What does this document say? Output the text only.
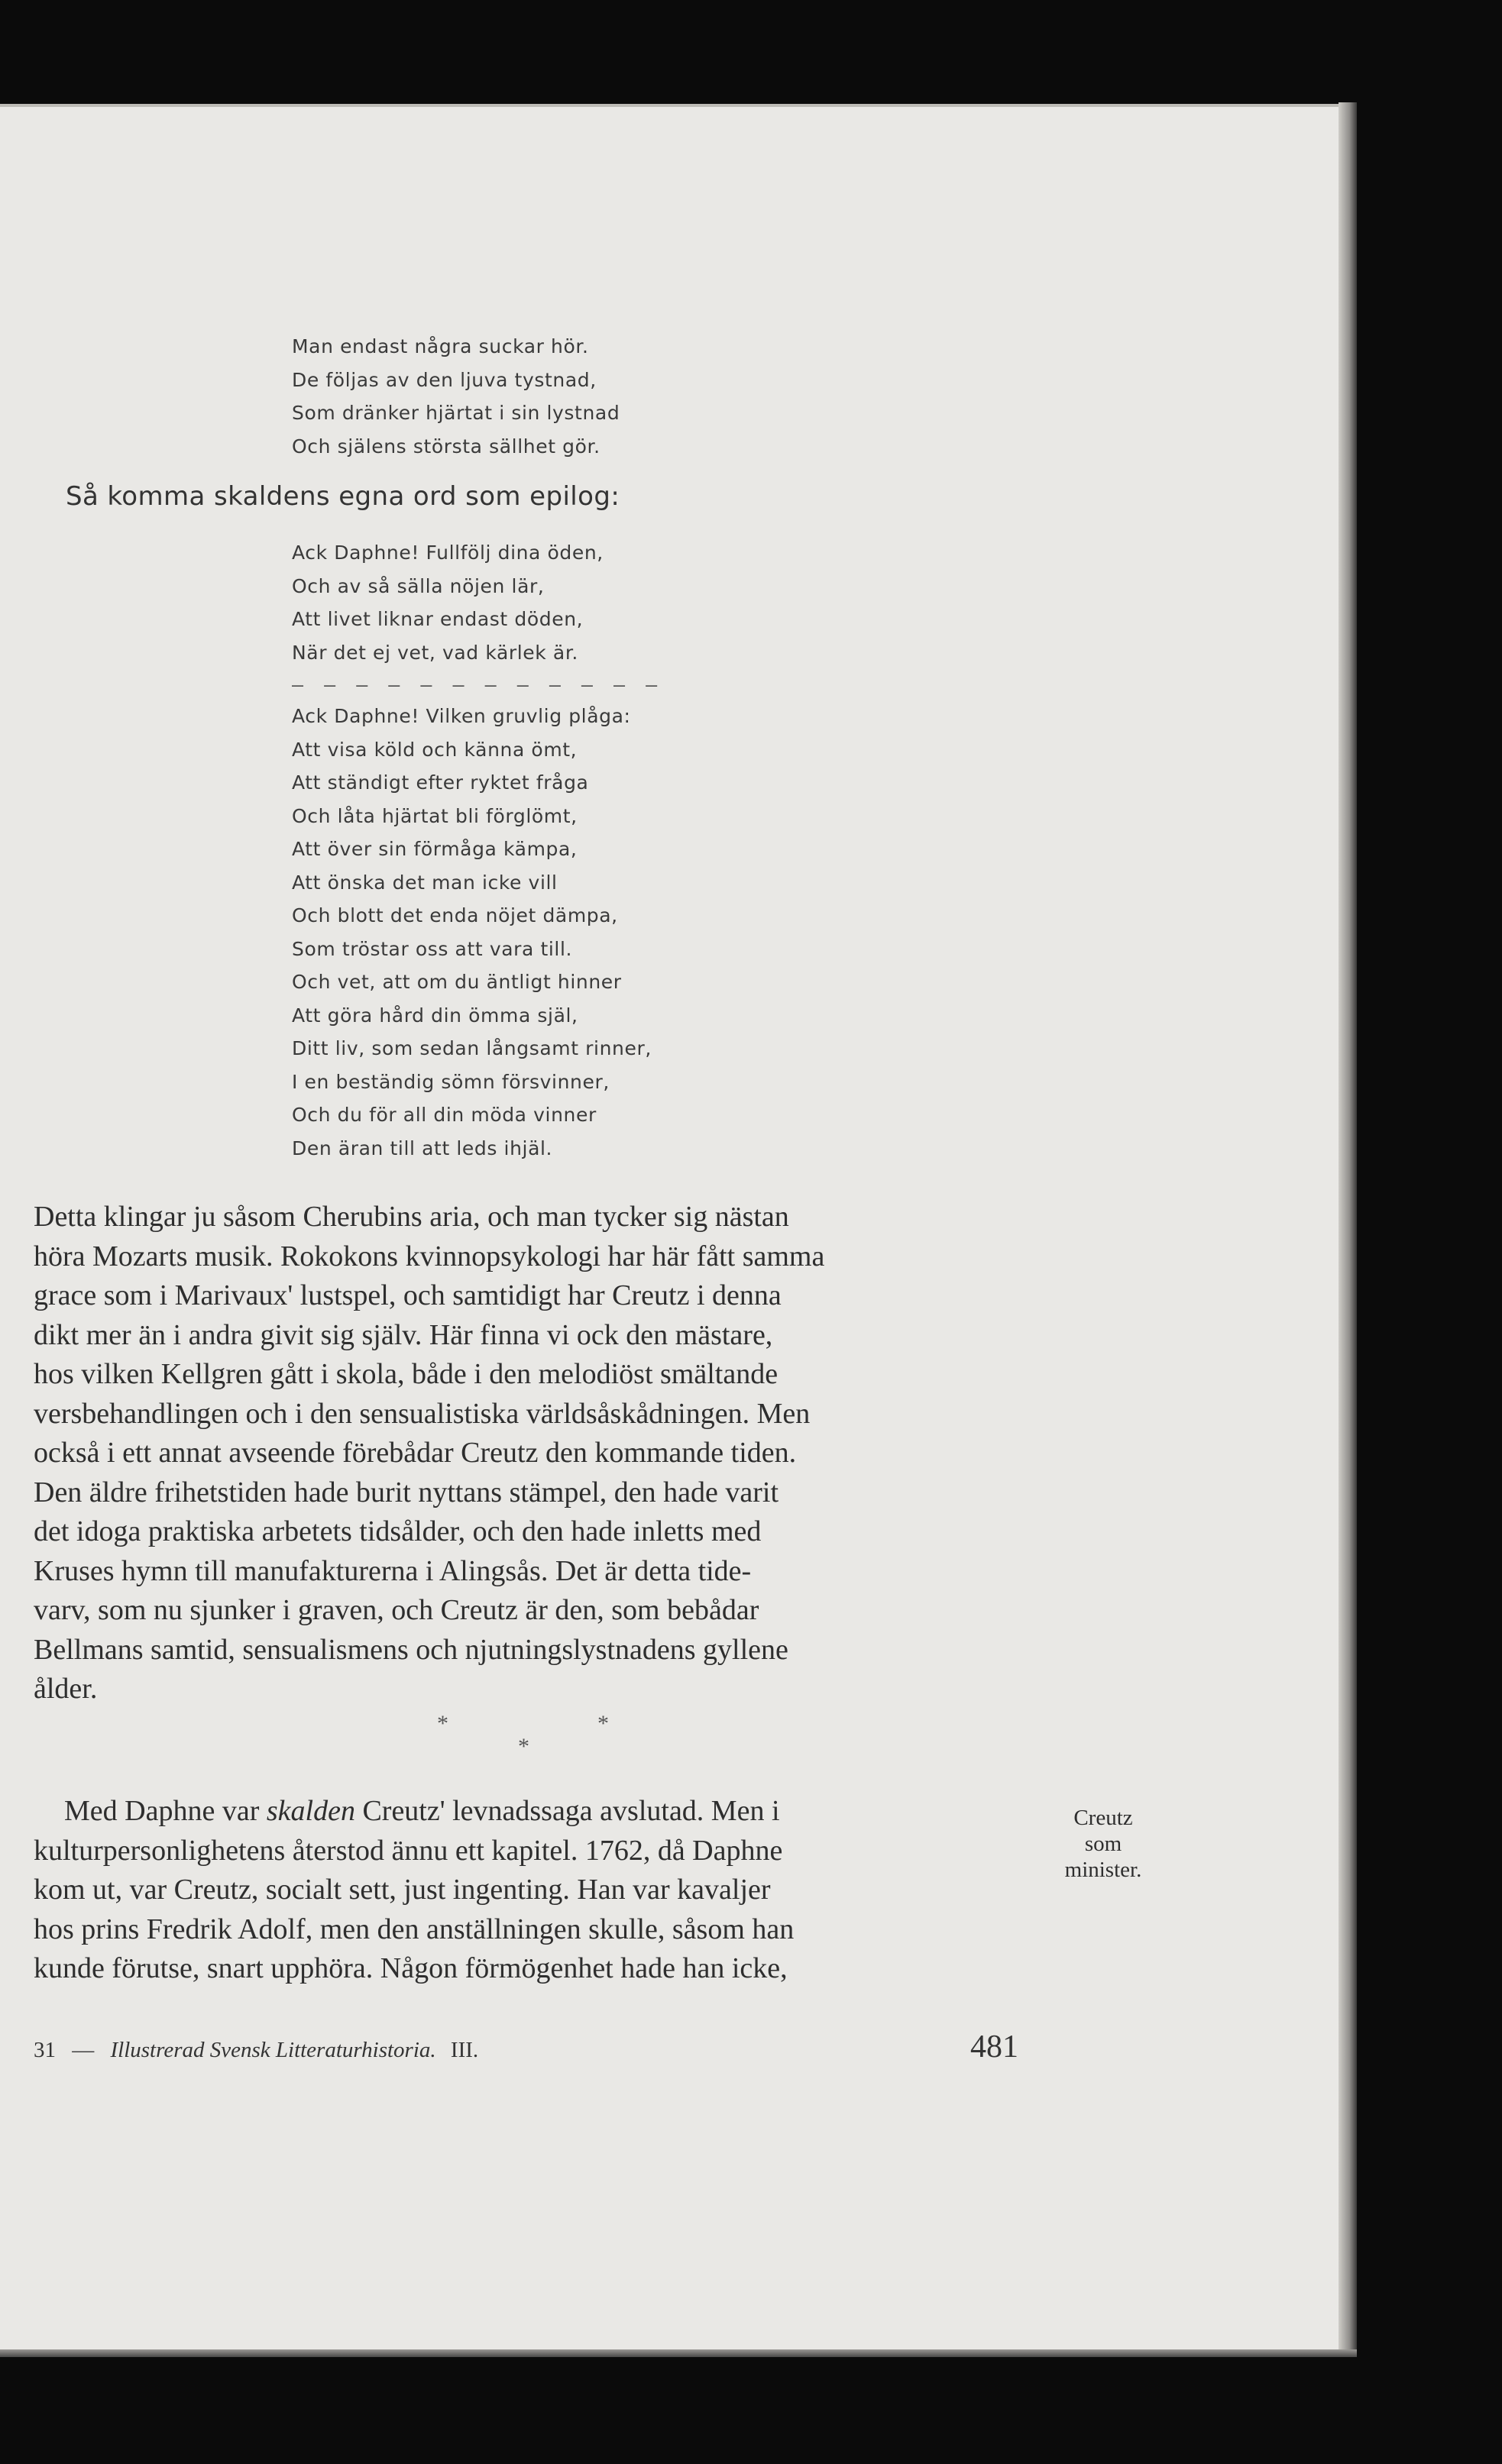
Man endast några suckar hör.
De följas av den ljuva tystnad,
Som dränker hjärtat i sin lystnad
Och själens största sällhet gör.
Så komma skaldens egna ord som epilog:
Ack Daphne! Fullfölj dina öden,
Och av så sälla nöjen lär,
Att livet liknar endast döden,
När det ej vet, vad kärlek är.
— — — — — — — — — — — —
Ack Daphne! Vilken gruvlig plåga:
Att visa köld och känna ömt,
Att ständigt efter ryktet fråga
Och låta hjärtat bli förglömt,
Att över sin förmåga kämpa,
Att önska det man icke vill
Och blott det enda nöjet dämpa,
Som tröstar oss att vara till.
Och vet, att om du äntligt hinner
Att göra hård din ömma själ,
Ditt liv, som sedan långsamt rinner,
I en beständig sömn försvinner,
Och du för all din möda vinner
Den äran till att leds ihjäl.

Detta klingar ju såsom Cherubins aria, och man tycker sig nästan

höra Mozarts musik. Rokokons kvinnopsykologi har här fått samma

grace som i Marivaux' lustspel, och samtidigt har Creutz i denna

dikt mer än i andra givit sig själv. Här finna vi ock den mästare,

hos vilken Kellgren gått i skola, både i den melodiöst smältande

versbehandlingen och i den sensualistiska världsåskådningen. Men

också i ett annat avseende förebådar Creutz den kommande tiden.

Den äldre frihetstiden hade burit nyttans stämpel, den hade varit

det idoga praktiska arbetets tidsålder, och den hade inletts med

Kruses hymn till manufakturerna i Alingsås. Det är detta tide-

varv, som nu sjunker i graven, och Creutz är den, som bebådar

Bellmans samtid, sensualismens och njutningslystnadens gyllene

ålder.

*	*
*

Med Daphne var skalden Creutz' levnadssaga avslutad. Men i

kulturpersonlighetens återstod ännu ett kapitel. 1762, då Daphne

kom ut, var Creutz, socialt sett, just ingenting. Han var kavaljer

hos prins Fredrik Adolf, men den anställningen skulle, såsom han

kunde förutse, snart upphöra. Någon förmögenhet hade han icke,

Creutz
som
minister.
31 — Illustrerad Svensk Litteraturhistoria. III.	481
